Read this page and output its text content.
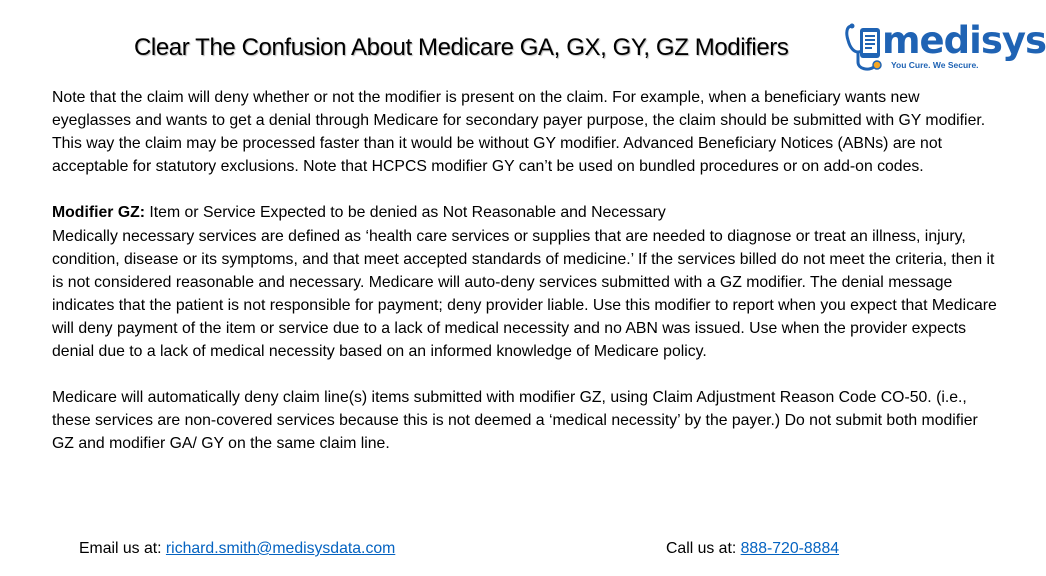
Clear The Confusion About Medicare GA, GX, GY, GZ Modifiers	medisys
You Cure. We Secure.

Note that the claim will deny whether or not the modifier is present on the claim. For example, when a beneficiary wants new eyeglasses and wants to get a denial through Medicare for secondary payer purpose, the claim should be submitted with GY modifier. This way the claim may be processed faster than it would be without GY modifier. Advanced Beneficiary Notices (ABNs) are not acceptable for statutory exclusions. Note that HCPCS modifier GY can’t be used on bundled procedures or on add-on codes.

Modifier GZ: Item or Service Expected to be denied as Not Reasonable and Necessary

Medically necessary services are defined as ‘health care services or supplies that are needed to diagnose or treat an illness, injury, condition, disease or its symptoms, and that meet accepted standards of medicine.’ If the services billed do not meet the criteria, then it is not considered reasonable and necessary. Medicare will auto-deny services submitted with a GZ modifier. The denial message indicates that the patient is not responsible for payment; deny provider liable. Use this modifier to report when you expect that Medicare will deny payment of the item or service due to a lack of medical necessity and no ABN was issued. Use when the provider expects denial due to a lack of medical necessity based on an informed knowledge of Medicare policy.

Medicare will automatically deny claim line(s) items submitted with modifier GZ, using Claim Adjustment Reason Code CO-50. (i.e., these services are non-covered services because this is not deemed a ‘medical necessity’ by the payer.) Do not submit both modifier GZ and modifier GA/ GY on the same claim line.

Email us at: richard.smith@medisysdata.com	Call us at: 888-720-8884
